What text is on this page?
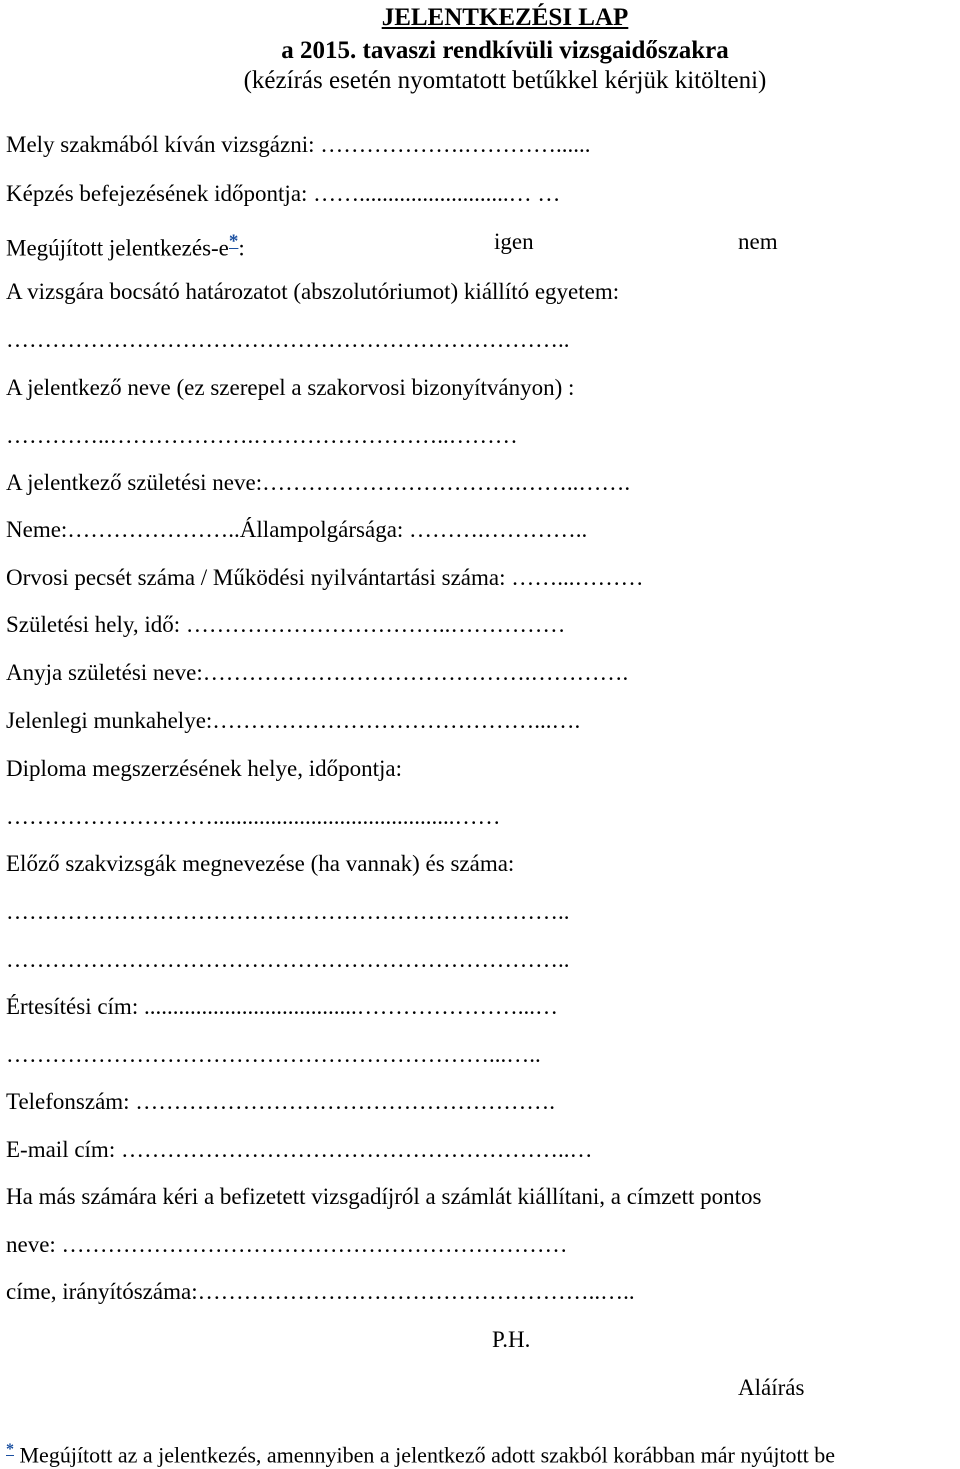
JELENTKEZÉSI LAP
a 2015. tavaszi rendkívüli vizsgaidőszakra
(kézírás esetén nyomtatott betűkkel kérjük kitölteni)
Mely szakmából kíván vizsgázni: ……………….…………......
Képzés befejezésének időpontja: ……..........................… …
Megújított jelentkezés-e*:	igen	nem
A vizsgára bocsátó határozatot (abszolutóriumot) kiállító egyetem:
………………………………………………………………..
A jelentkező neve (ez szerepel a szakorvosi bizonyítványon) :
…………..……………….……………………..………
A jelentkező születési neve:…………………………….……..…….
Neme:…………………..Állampolgársága: ……….…………..
Orvosi pecsét száma / Működési nyilvántartási száma: ……...………
Születési hely, idő: ……………………………..……………
Anyja születési neve:…………………………………….………….
Jelenlegi munkahelye:……………………………………...….
Diploma megszerzésének helye, időpontja:
………………………..........................................……
Előző szakvizsgák megnevezése (ha vannak) és száma:
………………………………………………………………..
………………………………………………………………..
Értesítési cím: .....................................…………………...…
………………………………………………………...…..
Telefonszám: ……………………………………………….
E-mail cím: …………………………………………………..…
Ha más számára kéri a befizetett vizsgadíjról a számlát kiállítani, a címzett pontos
neve: …………………………………………………………
címe, irányítószáma:……………………………………………..…..
P.H.
Aláírás
* Megújított az a jelentkezés, amennyiben a jelentkező adott szakból korábban már nyújtott be
